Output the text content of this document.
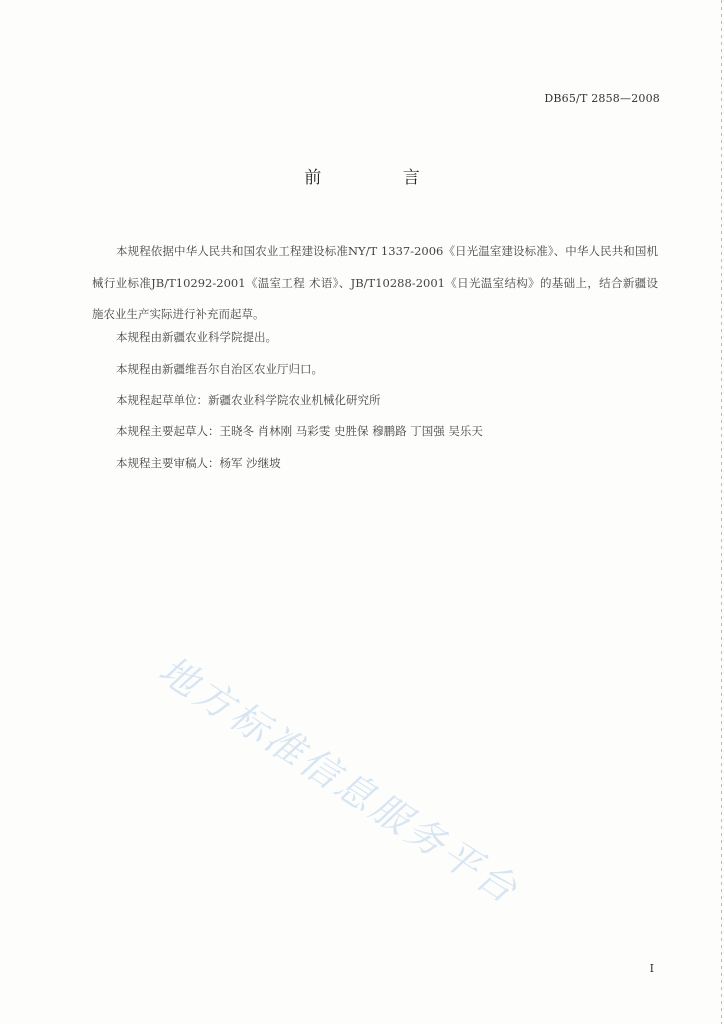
DB65/T 2858—2008
前 言

本规程依据中华人民共和国农业工程建设标准NY/T 1337-2006《日光温室建设标准》、中华人民共和国机械行业标准JB/T10292-2001《温室工程 术语》、JB/T10288-2001《日光温室结构》的基础上，结合新疆设施农业生产实际进行补充而起草。

本规程由新疆农业科学院提出。
本规程由新疆维吾尔自治区农业厅归口。
本规程起草单位：新疆农业科学院农业机械化研究所
本规程主要起草人：王晓冬 肖林刚 马彩雯 史胜保 穆鹏路 丁国强 吴乐天
本规程主要审稿人：杨军 沙继坡
地方标准信息服务平台
I
